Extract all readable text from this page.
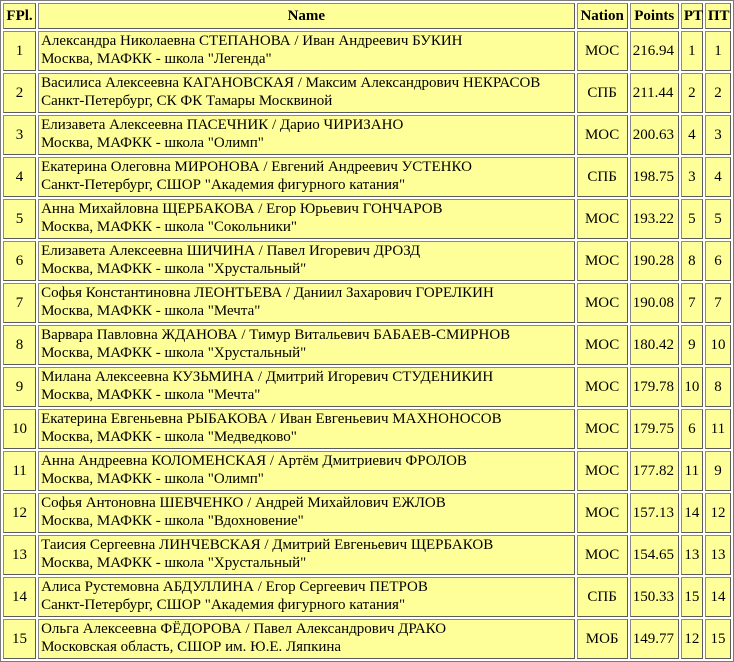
FPl.	Name	Nation	Points	PT	ПТ
1	Александра Николаевна СТЕПАНОВА / Иван Андреевич БУКИН
Москва, МАФКК - школа "Легенда"	МОС	216.94	1	1
2	Василиса Алексеевна КАГАНОВСКАЯ / Максим Александрович НЕКРАСОВ
Санкт-Петербург, СК ФК Тамары Москвиной	СПБ	211.44	2	2
3	Елизавета Алексеевна ПАСЕЧНИК / Дарио ЧИРИЗАНО
Москва, МАФКК - школа "Олимп"	МОС	200.63	4	3
4	Екатерина Олеговна МИРОНОВА / Евгений Андреевич УСТЕНКО
Санкт-Петербург, СШОР "Академия фигурного катания"	СПБ	198.75	3	4
5	Анна Михайловна ЩЕРБАКОВА / Егор Юрьевич ГОНЧАРОВ
Москва, МАФКК - школа "Сокольники"	МОС	193.22	5	5
6	Елизавета Алексеевна ШИЧИНА / Павел Игоревич ДРОЗД
Москва, МАФКК - школа "Хрустальный"	МОС	190.28	8	6
7	Софья Константиновна ЛЕОНТЬЕВА / Даниил Захарович ГОРЕЛКИН
Москва, МАФКК - школа "Мечта"	МОС	190.08	7	7
8	Варвара Павловна ЖДАНОВА / Тимур Витальевич БАБАЕВ-СМИРНОВ
Москва, МАФКК - школа "Хрустальный"	МОС	180.42	9	10
9	Милана Алексеевна КУЗЬМИНА / Дмитрий Игоревич СТУДЕНИКИН
Москва, МАФКК - школа "Мечта"	МОС	179.78	10	8
10	Екатерина Евгеньевна РЫБАКОВА / Иван Евгеньевич МАХНОНОСОВ
Москва, МАФКК - школа "Медведково"	МОС	179.75	6	11
11	Анна Андреевна КОЛОМЕНСКАЯ / Артём Дмитриевич ФРОЛОВ
Москва, МАФКК - школа "Олимп"	МОС	177.82	11	9
12	Софья Антоновна ШЕВЧЕНКО / Андрей Михайлович ЕЖЛОВ
Москва, МАФКК - школа "Вдохновение"	МОС	157.13	14	12
13	Таисия Сергеевна ЛИНЧЕВСКАЯ / Дмитрий Евгеньевич ЩЕРБАКОВ
Москва, МАФКК - школа "Хрустальный"	МОС	154.65	13	13
14	Алиса Рустемовна АБДУЛЛИНА / Егор Сергеевич ПЕТРОВ
Санкт-Петербург, СШОР "Академия фигурного катания"	СПБ	150.33	15	14
15	Ольга Алексеевна ФЁДОРОВА / Павел Александрович ДРАКО
Московская область, СШОР им. Ю.Е. Ляпкина	МОБ	149.77	12	15
